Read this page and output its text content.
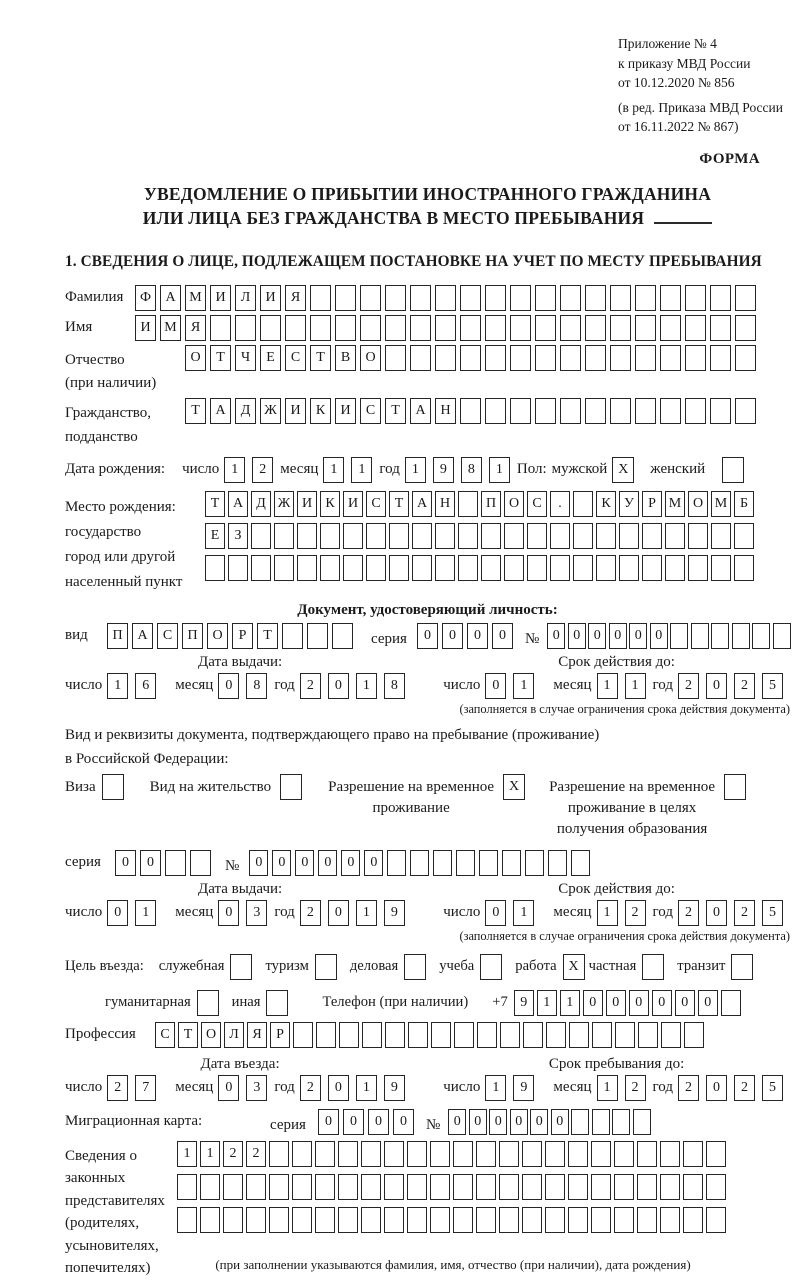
Приложение № 4
к приказу МВД России
от 10.12.2020 № 856
(в ред. Приказа МВД России
от 16.11.2022 № 867)
ФОРМА
УВЕДОМЛЕНИЕ О ПРИБЫТИИ ИНОСТРАННОГО ГРАЖДАНИНА
ИЛИ ЛИЦА БЕЗ ГРАЖДАНСТВА В МЕСТО ПРЕБЫВАНИЯ
1. СВЕДЕНИЯ О ЛИЦЕ, ПОДЛЕЖАЩЕМ ПОСТАНОВКЕ НА УЧЕТ ПО МЕСТУ ПРЕБЫВАНИЯ
Фамилия	Ф	А М И	Л	И	Я
Имя	И М	Я
Отчество
(при наличии)
О	Т	Ч	Е	С	Т	В	О
Гражданство,
подданство
Т	А	Д Ж И	К	И	С	Т	А	Н
Дата рождения: число 1	2 месяц 1	1 год 1	9	8	1 Пол: мужской X	женский
Место рождения:
государство
город или другой
населенный пункт
Т А Д Ж И К И С	Т А Н	П О С	.	К У	Р М О М Б
Е	З
Документ, удостоверяющий личность:
вид	П	А	С	П	О	Р	Т	серия	0	0	0	0	№ 0 0 0 0 0 0
Дата выдачи:
число 1	6	месяц 0	8 год 2	0	1	8
Срок действия до:
число 0	1	месяц 1	1 год 2	0	2	5
(заполняется в случае ограничения срока действия документа)
Вид и реквизиты документа, подтверждающего право на пребывание (проживание)
в Российской Федерации:
Виза	Вид на жительство	Разрешение на временное
проживание
X	Разрешение на временное
проживание в целях
получения образования
серия	0	0	№	0	0	0	0	0	0
Дата выдачи:
число 0	1	месяц 0	3 год 2	0	1	9
Срок действия до:
число 0	1	месяц 1	2 год 2	0	2	5
(заполняется в случае ограничения срока действия документа)
Цель въезда: служебная	туризм	деловая	учеба	работа X частная	транзит
гуманитарная	иная	Телефон (при наличии) +7 9	1	1	0	0	0	0	0	0
Профессия	С	Т О Л Я	Р
Дата въезда:
число 2	7	месяц 0	3 год 2	0	1	9
Срок пребывания до:
число 1	9	месяц 1	2 год 2	0	2	5
Миграционная карта:	серия	0	0	0	0	№ 0 0 0 0 0 0
Сведения о
законных
представителях
(родителях,
усыновителях,
попечителях)
1	1	2	2
(при заполнении указываются фамилия, имя, отчество (при наличии), дата рождения)
